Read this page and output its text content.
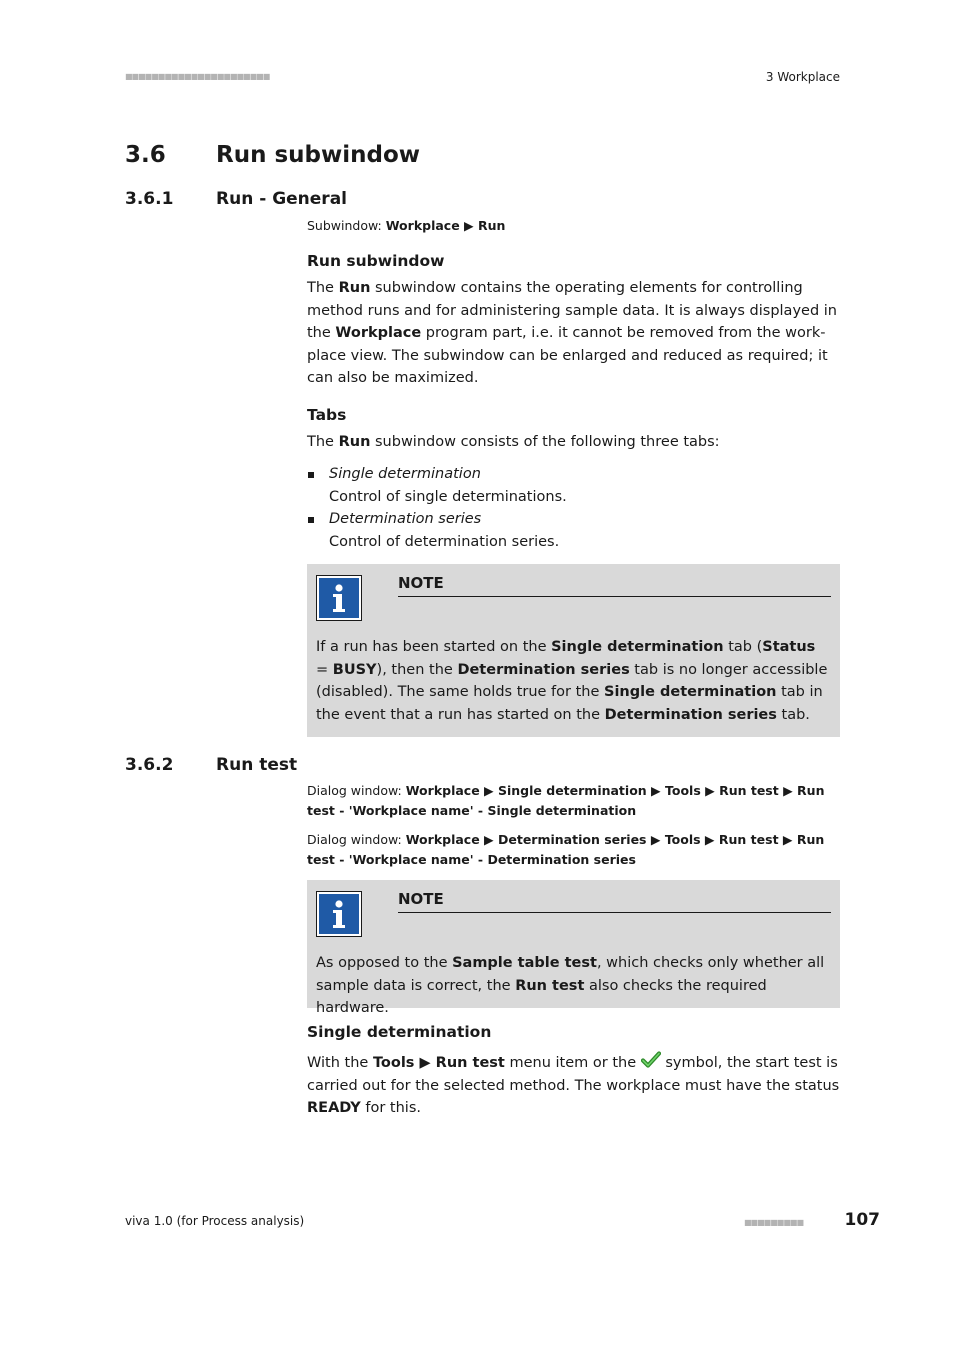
■■■■■■■■■■■■■■■■■■■■■■	3 Workplace
3.6 Run subwindow
3.6.1	Run - General
Subwindow: Workplace ▶ Run
Run subwindow

The Run subwindow contains the operating elements for controlling method runs and for administering sample data. It is always displayed in the Workplace program part, i.e. it cannot be removed from the work-place view. The subwindow can be enlarged and reduced as required; it can also be maximized.

Tabs

The Run subwindow consists of the following three tabs:

Single determination
Control of single determinations.
Determination series
Control of determination series.
NOTE

If a run has been started on the Single determination tab (Status = BUSY), then the Determination series tab is no longer accessible (disabled). The same holds true for the Single determination tab in the event that a run has started on the Determination series tab.

3.6.2	Run test
Dialog window: Workplace ▶ Single determination ▶ Tools ▶ Run test ▶ Run test - 'Workplace name' - Single determination
Dialog window: Workplace ▶ Determination series ▶ Tools ▶ Run test ▶ Run test - 'Workplace name' - Determination series
NOTE

As opposed to the Sample table test, which checks only whether all sample data is correct, the Run test also checks the required hardware.

Single determination

With the Tools ▶ Run test menu item or the  symbol, the start test is carried out for the selected method. The workplace must have the status READY for this.

viva 1.0 (for Process analysis)	■■■■■■■■■ 107
